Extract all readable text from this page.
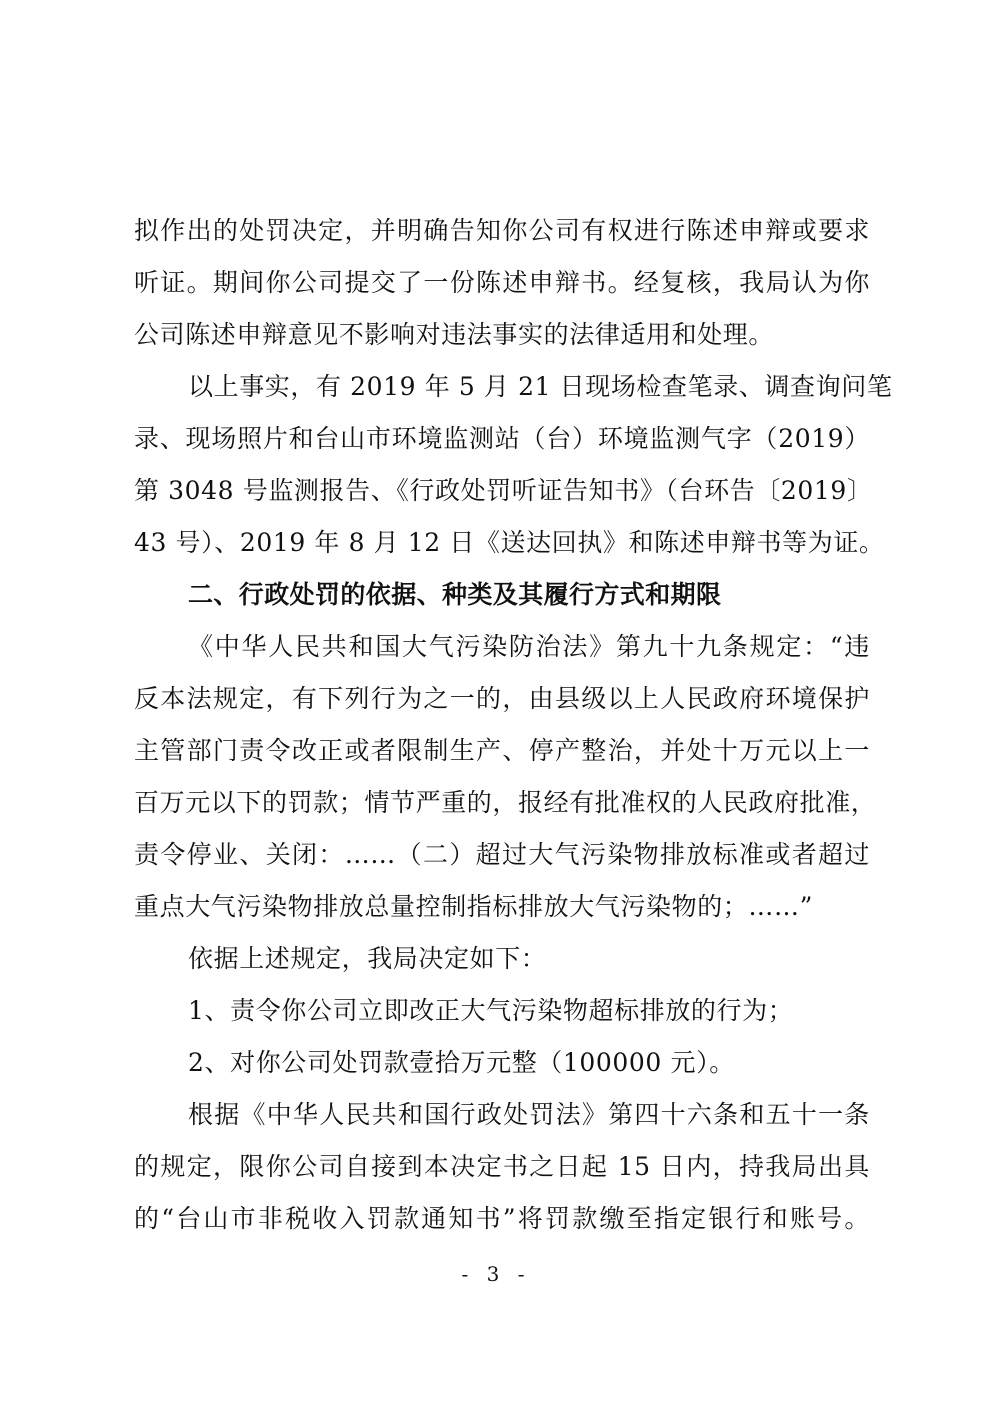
拟作出的处罚决定，并明确告知你公司有权进行陈述申辩或要求
听证。期间你公司提交了一份陈述申辩书。经复核，我局认为你
公司陈述申辩意见不影响对违法事实的法律适用和处理。
以上事实，有 2019 年 5 月 21 日现场检查笔录、调查询问笔
录、现场照片和台山市环境监测站（台）环境监测气字（2019）
第 3048 号监测报告、《行政处罚听证告知书》（台环告〔2019〕
43 号）、2019 年 8 月 12 日《送达回执》和陈述申辩书等为证。
二、行政处罚的依据、种类及其履行方式和期限
《中华人民共和国大气污染防治法》第九十九条规定：“违
反本法规定，有下列行为之一的，由县级以上人民政府环境保护
主管部门责令改正或者限制生产、停产整治，并处十万元以上一
百万元以下的罚款；情节严重的，报经有批准权的人民政府批准，
责令停业、关闭：……（二）超过大气污染物排放标准或者超过
重点大气污染物排放总量控制指标排放大气污染物的；……”
依据上述规定，我局决定如下：
1、责令你公司立即改正大气污染物超标排放的行为；
2、对你公司处罚款壹拾万元整（100000 元）。
根据《中华人民共和国行政处罚法》第四十六条和五十一条
的规定，限你公司自接到本决定书之日起 15 日内，持我局出具
的“台山市非税收入罚款通知书”将罚款缴至指定银行和账号。
- 3 -
